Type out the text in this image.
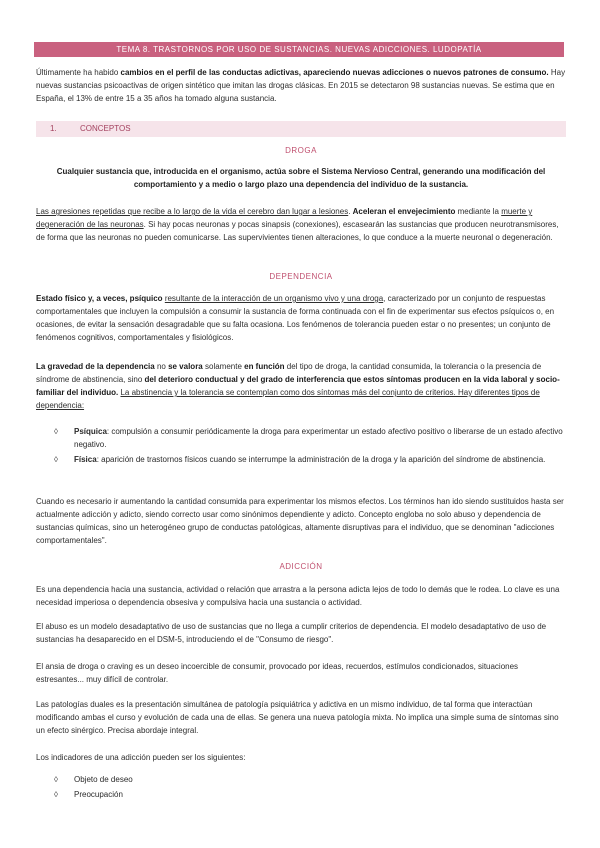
TEMA 8. TRASTORNOS POR USO DE SUSTANCIAS. NUEVAS ADICCIONES. LUDOPATÍA
Últimamente ha habido cambios en el perfil de las conductas adictivas, apareciendo nuevas adicciones o nuevos patrones de consumo. Hay nuevas sustancias psicoactivas de origen sintético que imitan las drogas clásicas. En 2015 se detectaron 98 sustancias nuevas. Se estima que en España, el 13% de entre 15 a 35 años ha tomado alguna sustancia.
1.	CONCEPTOS
DROGA
Cualquier sustancia que, introducida en el organismo, actúa sobre el Sistema Nervioso Central, generando una modificación del comportamiento y a medio o largo plazo una dependencia del individuo de la sustancia.
Las agresiones repetidas que recibe a lo largo de la vida el cerebro dan lugar a lesiones. Aceleran el envejecimiento mediante la muerte y degeneración de las neuronas. Si hay pocas neuronas y pocas sinapsis (conexiones), escasearán las sustancias que producen neurotransmisores, de forma que las neuronas no pueden comunicarse. Las supervivientes tienen alteraciones, lo que conduce a la muerte neuronal o degeneración.
DEPENDENCIA
Estado físico y, a veces, psíquico resultante de la interacción de un organismo vivo y una droga, caracterizado por un conjunto de respuestas comportamentales que incluyen la compulsión a consumir la sustancia de forma continuada con el fin de experimentar sus efectos psíquicos o, en ocasiones, de evitar la sensación desagradable que su falta ocasiona. Los fenómenos de tolerancia pueden estar o no presentes; un conjunto de fenómenos cognitivos, comportamentales y fisiológicos.
La gravedad de la dependencia no se valora solamente en función del tipo de droga, la cantidad consumida, la tolerancia o la presencia de síndrome de abstinencia, sino del deterioro conductual y del grado de interferencia que estos síntomas producen en la vida laboral y socio-familiar del individuo. La abstinencia y la tolerancia se contemplan como dos síntomas más del conjunto de criterios. Hay diferentes tipos de dependencia:
◊ Psíquica: compulsión a consumir periódicamente la droga para experimentar un estado afectivo positivo o liberarse de un estado afectivo negativo.
◊ Física: aparición de trastornos físicos cuando se interrumpe la administración de la droga y la aparición del síndrome de abstinencia.
Cuando es necesario ir aumentando la cantidad consumida para experimentar los mismos efectos. Los términos han ido siendo sustituidos hasta ser actualmente adicción y adicto, siendo correcto usar como sinónimos dependiente y adicto. Concepto engloba no solo abuso y dependencia de sustancias químicas, sino un heterogéneo grupo de conductas patológicas, altamente disruptivas para el individuo, que se denominan "adicciones comportamentales".
ADICCIÓN
Es una dependencia hacia una sustancia, actividad o relación que arrastra a la persona adicta lejos de todo lo demás que le rodea. Lo clave es una necesidad imperiosa o dependencia obsesiva y compulsiva hacia una sustancia o actividad.
El abuso es un modelo desadaptativo de uso de sustancias que no llega a cumplir criterios de dependencia. El modelo desadaptativo de uso de sustancias ha desaparecido en el DSM-5, introduciendo el de "Consumo de riesgo".
El ansia de droga o craving es un deseo incoercible de consumir, provocado por ideas, recuerdos, estímulos condicionados, situaciones estresantes... muy difícil de controlar.
Las patologías duales es la presentación simultánea de patología psiquiátrica y adictiva en un mismo individuo, de tal forma que interactúan modificando ambas el curso y evolución de cada una de ellas. Se genera una nueva patología mixta. No implica una simple suma de síntomas sino un efecto sinérgico. Precisa abordaje integral.
Los indicadores de una adicción pueden ser los siguientes:
◊ Objeto de deseo
◊ Preocupación
